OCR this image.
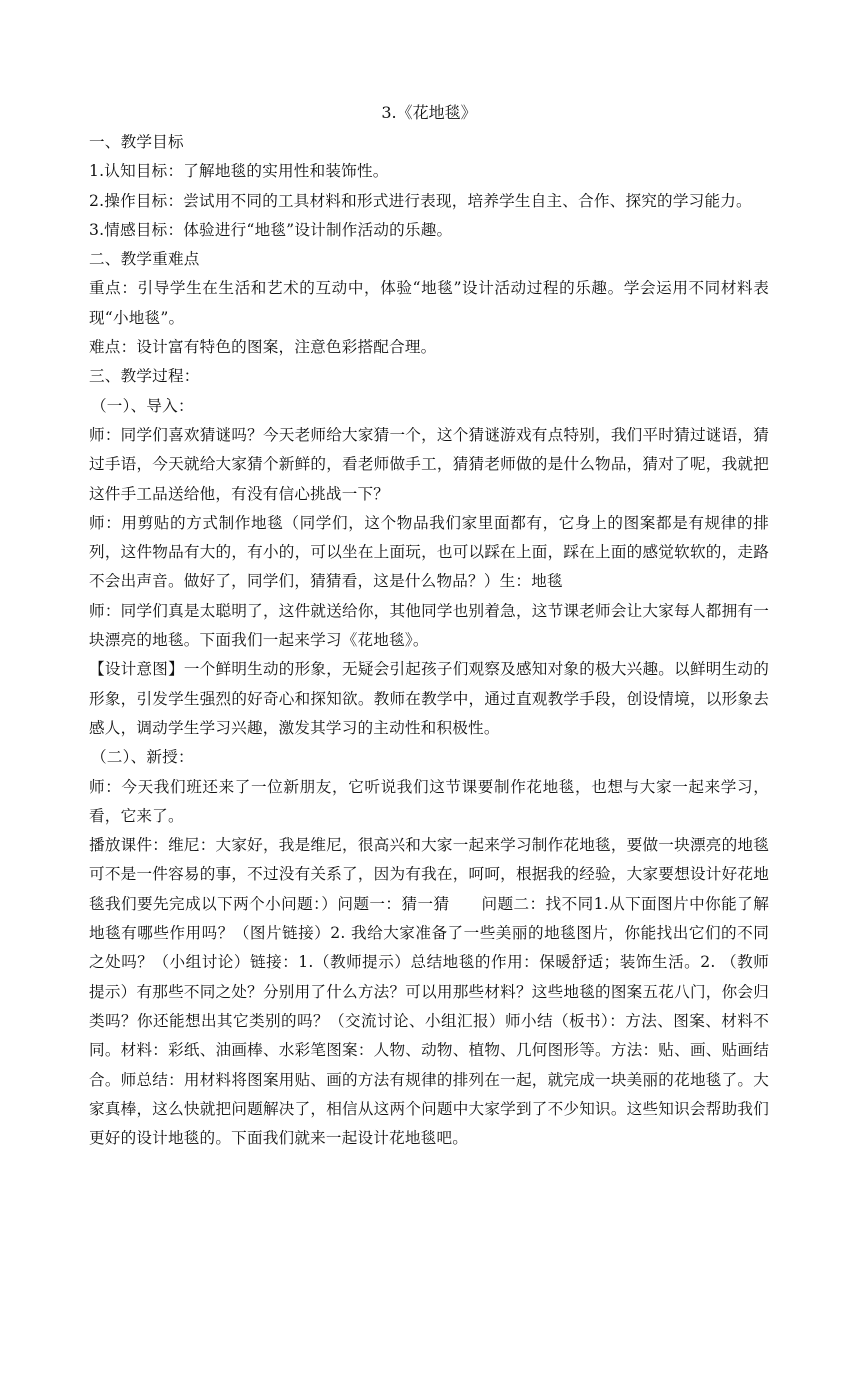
3.《花地毯》

一、教学目标

1.认知目标：了解地毯的实用性和装饰性。

2.操作目标：尝试用不同的工具材料和形式进行表现，培养学生自主、合作、探究的学习能力。

3.情感目标：体验进行“地毯”设计制作活动的乐趣。

二、教学重难点

重点：引导学生在生活和艺术的互动中，体验“地毯”设计活动过程的乐趣。学会运用不同材料表现“小地毯”。

难点：设计富有特色的图案，注意色彩搭配合理。

三、教学过程：

（一）、导入：

师：同学们喜欢猜谜吗？今天老师给大家猜一个，这个猜谜游戏有点特别，我们平时猜过谜语，猜过手语，今天就给大家猜个新鲜的，看老师做手工，猜猜老师做的是什么物品，猜对了呢，我就把这件手工品送给他，有没有信心挑战一下？

师：用剪贴的方式制作地毯（同学们，这个物品我们家里面都有，它身上的图案都是有规律的排列，这件物品有大的，有小的，可以坐在上面玩，也可以踩在上面，踩在上面的感觉软软的，走路不会出声音。做好了，同学们，猜猜看，这是什么物品？）生：地毯

师：同学们真是太聪明了，这件就送给你，其他同学也别着急，这节课老师会让大家每人都拥有一块漂亮的地毯。下面我们一起来学习《花地毯》。

【设计意图】一个鲜明生动的形象，无疑会引起孩子们观察及感知对象的极大兴趣。以鲜明生动的形象，引发学生强烈的好奇心和探知欲。教师在教学中，通过直观教学手段，创设情境，以形象去感人，调动学生学习兴趣，激发其学习的主动性和积极性。

（二）、新授：

师：今天我们班还来了一位新朋友，它听说我们这节课要制作花地毯，也想与大家一起来学习，看，它来了。

播放课件：维尼：大家好，我是维尼，很高兴和大家一起来学习制作花地毯，要做一块漂亮的地毯可不是一件容易的事，不过没有关系了，因为有我在，呵呵，根据我的经验，大家要想设计好花地毯我们要先完成以下两个小问题：）问题一：猜一猜　　问题二：找不同1.从下面图片中你能了解地毯有哪些作用吗？（图片链接）2. 我给大家准备了一些美丽的地毯图片，你能找出它们的不同之处吗？（小组讨论）链接：1.（教师提示）总结地毯的作用：保暖舒适；装饰生活。2. （教师提示）有那些不同之处？分别用了什么方法？可以用那些材料？这些地毯的图案五花八门，你会归类吗？你还能想出其它类别的吗？（交流讨论、小组汇报）师小结（板书）：方法、图案、材料不同。材料：彩纸、油画棒、水彩笔图案：人物、动物、植物、几何图形等。方法：贴、画、贴画结合。师总结：用材料将图案用贴、画的方法有规律的排列在一起，就完成一块美丽的花地毯了。大家真棒，这么快就把问题解决了，相信从这两个问题中大家学到了不少知识。这些知识会帮助我们更好的设计地毯的。下面我们就来一起设计花地毯吧。
